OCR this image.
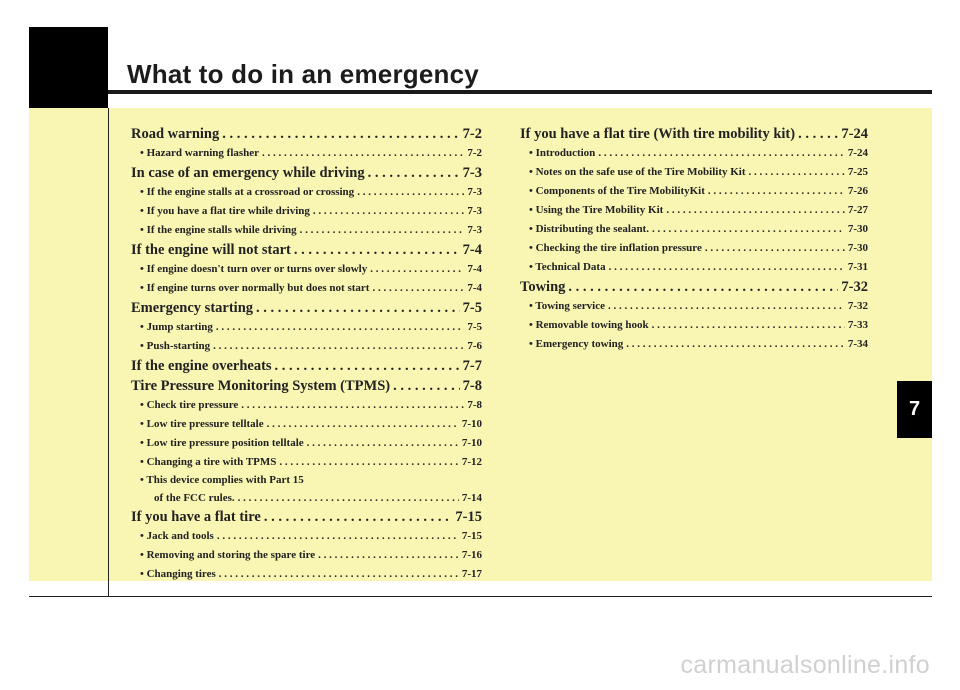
What to do in an emergency
7
carmanualsonline.info
Road warning . . .	7-2
• Hazard warning flasher . . .	7-2
In case of an emergency while driving . . .	7-3
• If the engine stalls at a crossroad or crossing . . .	7-3
• If you have a flat tire while driving . . .	7-3
• If the engine stalls while driving . . .	7-3
If the engine will not start . . .	7-4
• If engine doesn't turn over or turns over slowly . . .	7-4
• If engine turns over normally but does not start . . .	7-4
Emergency starting . . .	7-5
• Jump starting . . .	7-5
• Push-starting . . .	7-6
If the engine overheats . . .	7-7
Tire Pressure Monitoring System (TPMS) . . .	7-8
• Check tire pressure . . .	7-8
• Low tire pressure telltale . . .	7-10
• Low tire pressure position telltale . . .	7-10
• Changing a tire with TPMS . . .	7-12
• This device complies with Part 15
of the FCC rules. . . .	7-14
If you have a flat tire . . .	7-15
• Jack and tools . . .	7-15
• Removing and storing the spare tire . . .	7-16
• Changing tires . . .	7-17
If you have a flat tire (With tire mobility kit) . . .	7-24
• Introduction . . .	7-24
• Notes on the safe use of the Tire Mobility Kit . . .	7-25
• Components of the Tire MobilityKit . . .	7-26
• Using the Tire Mobility Kit . . .	7-27
• Distributing the sealant. . . .	7-30
• Checking the tire inflation pressure . . .	7-30
• Technical Data . . .	7-31
Towing . . .	7-32
• Towing service . . .	7-32
• Removable towing hook . . .	7-33
• Emergency towing . . .	7-34
